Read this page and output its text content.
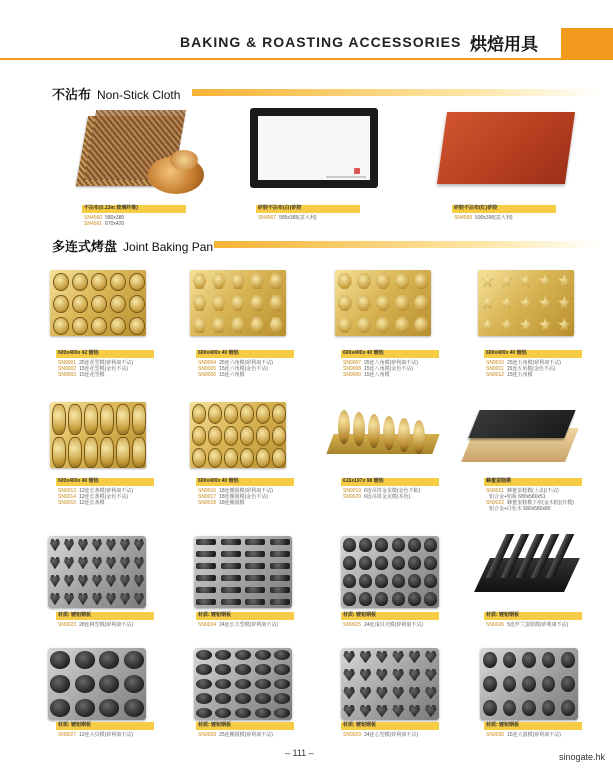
BAKING & ROASTING ACCESSORIES 烘焙用具
不沾布 Non-Stick Cloth
不沾布(0.13m 玻璃纤维)
SN4560 580x380
SN4561 670x420
矽胶不沾布(白)矽胶
SN4567 585x385(意大利)
矽胶不沾布(红)矽胶
SN4568 590x390(意大利)
多连式烤盘 Joint Baking Pan
600x400x 42 镀铝
SN9001 25连花型模(矽利康不沾)
SN9002 15连花型模(金色不沾)
SN9003 15连花型模
600x400x 40 镀铝
SN9004 25连六角模(矽利康不沾)
SN9005 15连六角模(金色不沾)
SN9006 15连六角模
600x400x 40 镀铝
SN9007 25连八角模(矽利康不沾)
SN9008 15连八角模(金色不沾)
SN9009 15连八角模
600x400x 40 镀铝
SN9010 25连五角模(矽利康不沾)
SN9011 15连五角模(金色不沾)
SN9012 15连五角模
600x400x 40 镀铝
SN9013 12连长条模(矽利康不沾)
SN9014 12连长条模(金色不沾)
SN9015 12连长条模
600x400x 40 镀铝
SN9016 18连椭圆模(矽利康不沾)
SN9017 18连椭圆模(金色不沾)
SN9018 18连椭圆模
615x197x 98 镀铝
SN9019 6连吊饼金龙模(金色不粘)
SN9020 6连吊饼金龙模(本色)
蜂蜜蛋糕模
SN9021 蜂蜜蛋糕模(上盖)(不沾)
铝合金+铝板 680x580x51
SN9022 蜂蜜蛋糕模下座(金木框)(有模)
铝合金+白松木 680x580x80
材质: 镀铝钢板
SN9023 28连桃型模(矽利康不沾)
材质: 镀铝钢板
SN9024 24连长方型模(矽利康不沾)
材质: 镀铝钢板
SN9025 24连浅贝壳模(矽利康不沾)
材质: 镀铝钢板
SN9026 5连罗兰蛋糕模(矽利康不沾)
材质: 镀铝钢板
SN9027 12连大贝模(矽利康不沾)
材质: 镀铝钢板
SN9028 25连椭圆模(矽利康不沾)
材质: 镀铝钢板
SN9029 24连心型模(矽利康不沾)
材质: 镀铝钢板
SN9030 15连大圆模(矽利康不沾)
– 111 –	sinogate.hk
